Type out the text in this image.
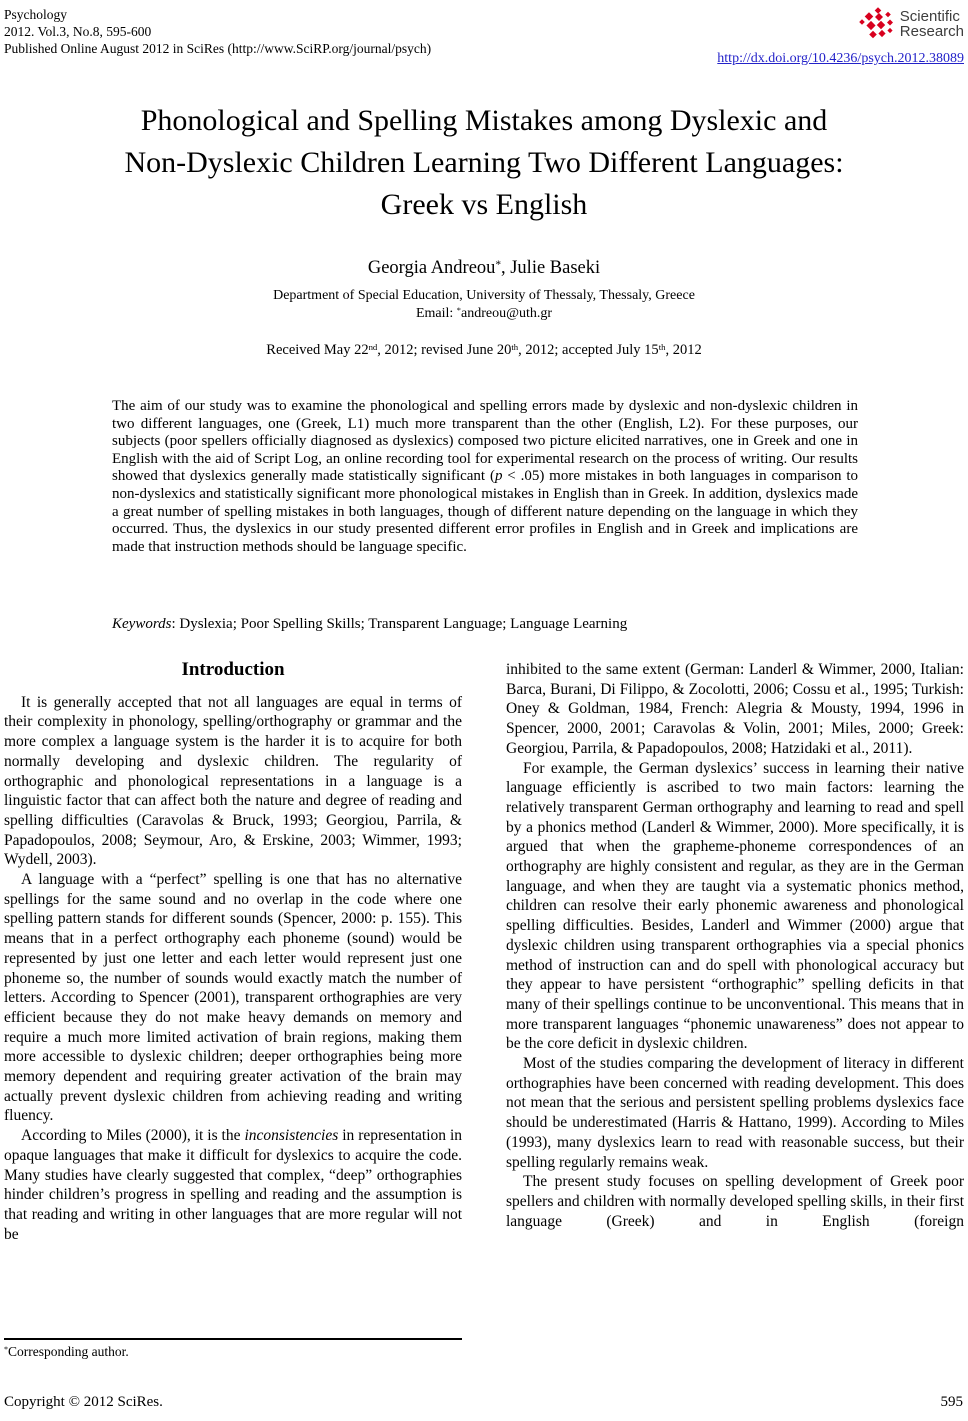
Psychology
2012. Vol.3, No.8, 595-600
Published Online August 2012 in SciRes (http://www.SciRP.org/journal/psych)
Scientific
Research
http://dx.doi.org/10.4236/psych.2012.38089
Phonological and Spelling Mistakes among Dyslexic and
Non-Dyslexic Children Learning Two Different Languages:
Greek vs English
Georgia Andreou*, Julie Baseki
Department of Special Education, University of Thessaly, Thessaly, Greece
Email: *andreou@uth.gr
Received May 22nd, 2012; revised June 20th, 2012; accepted July 15th, 2012
The aim of our study was to examine the phonological and spelling errors made by dyslexic and non-dyslexic children in two different languages, one (Greek, L1) much more transparent than the other (English, L2). For these purposes, our subjects (poor spellers officially diagnosed as dyslexics) composed two picture elicited narratives, one in Greek and one in English with the aid of Script Log, an online recording tool for experimental research on the process of writing. Our results showed that dyslexics generally made statistically significant (p < .05) more mistakes in both languages in comparison to non-dyslexics and statistically significant more phonological mistakes in English than in Greek. In addition, dyslexics made a great number of spelling mistakes in both languages, though of different nature depending on the language in which they occurred. Thus, the dyslexics in our study presented different error profiles in English and in Greek and implications are made that instruction methods should be language specific.
Keywords: Dyslexia; Poor Spelling Skills; Transparent Language; Language Learning
Introduction

It is generally accepted that not all languages are equal in terms of their complexity in phonology, spelling/orthography or grammar and the more complex a language system is the harder it is to acquire for both normally developing and dyslexic children. The regularity of orthographic and phonological representations in a language is a linguistic factor that can affect both the nature and degree of reading and spelling difficulties (Caravolas & Bruck, 1993; Georgiou, Parrila, & Papadopoulos, 2008; Seymour, Aro, & Erskine, 2003; Wimmer, 1993; Wydell, 2003).

A language with a “perfect” spelling is one that has no alternative spellings for the same sound and no overlap in the code where one spelling pattern stands for different sounds (Spencer, 2000: p. 155). This means that in a perfect orthography each phoneme (sound) would be represented by just one letter and each letter would represent just one phoneme so, the number of sounds would exactly match the number of letters. According to Spencer (2001), transparent orthographies are very efficient because they do not make heavy demands on memory and require a much more limited activation of brain regions, making them more accessible to dyslexic children; deeper orthographies being more memory dependent and requiring greater activation of the brain may actually prevent dyslexic children from achieving reading and writing fluency.

According to Miles (2000), it is the inconsistencies in representation in opaque languages that make it difficult for dyslexics to acquire the code. Many studies have clearly suggested that complex, “deep” orthographies hinder children’s progress in spelling and reading and the assumption is that reading and writing in other languages that are more regular will not be

inhibited to the same extent (German: Landerl & Wimmer, 2000, Italian: Barca, Burani, Di Filippo, & Zocolotti, 2006; Cossu et al., 1995; Turkish: Oney & Goldman, 1984, French: Alegria & Mousty, 1994, 1996 in Spencer, 2000, 2001; Caravolas & Volin, 2001; Miles, 2000; Greek: Georgiou, Parrila, & Papadopoulos, 2008; Hatzidaki et al., 2011).

For example, the German dyslexics’ success in learning their native language efficiently is ascribed to two main factors: learning the relatively transparent German orthography and learning to read and spell by a phonics method (Landerl & Wimmer, 2000). More specifically, it is argued that when the grapheme-phoneme correspondences of an orthography are highly consistent and regular, as they are in the German language, and when they are taught via a systematic phonics method, children can resolve their early phonemic awareness and phonological spelling difficulties. Besides, Landerl and Wimmer (2000) argue that dyslexic children using transparent orthographies via a special phonics method of instruction can and do spell with phonological accuracy but they appear to have persistent “orthographic” spelling deficits in that many of their spellings continue to be unconventional. This means that in more transparent languages “phonemic unawareness” does not appear to be the core deficit in dyslexic children.

Most of the studies comparing the development of literacy in different orthographies have been concerned with reading development. This does not mean that the serious and persistent spelling problems dyslexics face should be underestimated (Harris & Hattano, 1999). According to Miles (1993), many dyslexics learn to read with reasonable success, but their spelling regularly remains weak.

The present study focuses on spelling development of Greek poor spellers and children with normally developed spelling skills, in their first language (Greek) and in English (foreign

*Corresponding author.
Copyright © 2012 SciRes.	595
